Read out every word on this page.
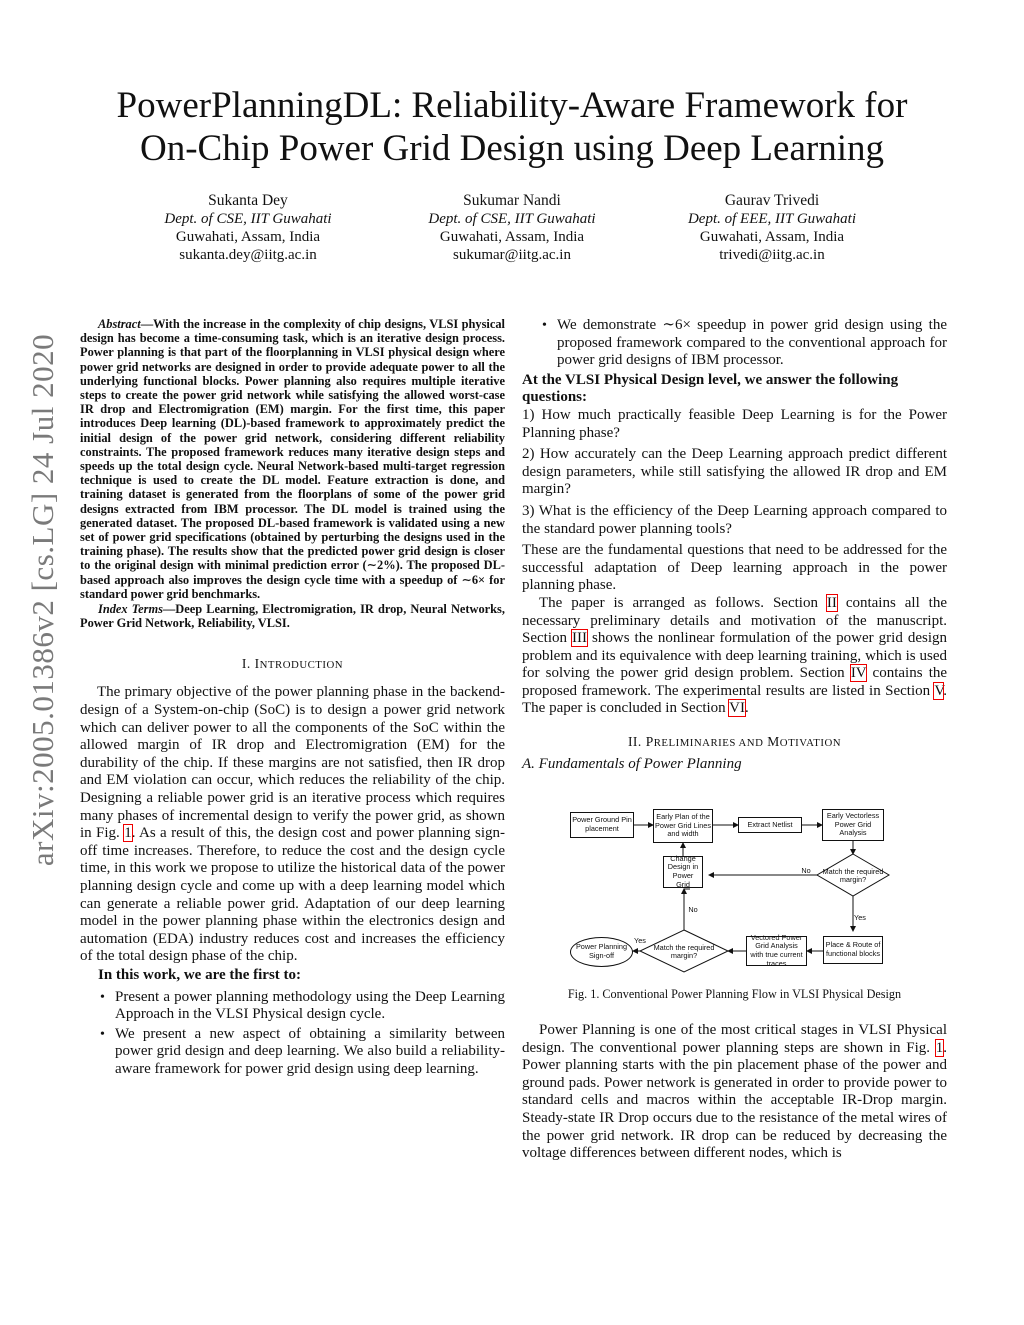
arXiv:2005.01386v2 [cs.LG] 24 Jul 2020
PowerPlanningDL: Reliability-Aware Framework for
On-Chip Power Grid Design using Deep Learning
Sukanta Dey
Dept. of CSE, IIT Guwahati
Guwahati, Assam, India
sukanta.dey@iitg.ac.in
Sukumar Nandi
Dept. of CSE, IIT Guwahati
Guwahati, Assam, India
sukumar@iitg.ac.in
Gaurav Trivedi
Dept. of EEE, IIT Guwahati
Guwahati, Assam, India
trivedi@iitg.ac.in

Abstract—With the increase in the complexity of chip designs, VLSI physical design has become a time-consuming task, which is an iterative design process. Power planning is that part of the floorplanning in VLSI physical design where power grid networks are designed in order to provide adequate power to all the underlying functional blocks. Power planning also requires multiple iterative steps to create the power grid network while satisfying the allowed worst-case IR drop and Electromigration (EM) margin. For the first time, this paper introduces Deep learning (DL)-based framework to approximately predict the initial design of the power grid network, considering different reliability constraints. The proposed framework reduces many iterative design steps and speeds up the total design cycle. Neural Network-based multi-target regression technique is used to create the DL model. Feature extraction is done, and training dataset is generated from the floorplans of some of the power grid designs extracted from IBM processor. The DL model is trained using the generated dataset. The proposed DL-based framework is validated using a new set of power grid specifications (obtained by perturbing the designs used in the training phase). The results show that the predicted power grid design is closer to the original design with minimal prediction error (∼2%). The proposed DL-based approach also improves the design cycle time with a speedup of ∼6× for standard power grid benchmarks.

Index Terms—Deep Learning, Electromigration, IR drop, Neural Networks, Power Grid Network, Reliability, VLSI.

I. INTRODUCTION

The primary objective of the power planning phase in the backend-design of a System-on-chip (SoC) is to design a power grid network which can deliver power to all the components of the SoC within the allowed margin of IR drop and Electromigration (EM) for the durability of the chip. If these margins are not satisfied, then IR drop and EM violation can occur, which reduces the reliability of the chip. Designing a reliable power grid is an iterative process which requires many phases of incremental design to verify the power grid, as shown in Fig. 1. As a result of this, the design cost and power planning sign-off time increases. Therefore, to reduce the cost and the design cycle time, in this work we propose to utilize the historical data of the power planning design cycle and come up with a deep learning model which can generate a reliable power grid. Adaptation of our deep learning model in the power planning phase within the electronics design and automation (EDA) industry reduces cost and increases the efficiency of the total design phase of the chip.

In this work, we are the first to:

• Present a power planning methodology using the Deep Learning Approach in the VLSI Physical design cycle.
• We present a new aspect of obtaining a similarity between power grid design and deep learning. We also build a reliability-aware framework for power grid design using deep learning.
• We demonstrate ∼6× speedup in power grid design using the proposed framework compared to the conventional approach for power grid designs of IBM processor.

At the VLSI Physical Design level, we answer the following questions:

1) How much practically feasible Deep Learning is for the Power Planning phase?

2) How accurately can the Deep Learning approach predict different design parameters, while still satisfying the allowed IR drop and EM margin?

3) What is the efficiency of the Deep Learning approach compared to the standard power planning tools?

These are the fundamental questions that need to be addressed for the successful adaptation of Deep learning approach in the power planning phase.

The paper is arranged as follows. Section II contains all the necessary preliminary details and motivation of the manuscript. Section III shows the nonlinear formulation of the power grid design problem and its equivalence with deep learning training, which is used for solving the power grid design problem. Section IV contains the proposed framework. The experimental results are listed in Section V. The paper is concluded in Section VI.

II. PRELIMINARIES AND MOTIVATION

A. Fundamentals of Power Planning

Power Ground Pin placement
Early Plan of the Power Grid Lines and width
Extract Netlist
Early Vectorless Power Grid Analysis
Change Design in Power Grid
Match the required margin?
No
Yes
No
Place & Route of functional blocks
Vectored Power Grid Analysis with true current traces
Match the required margin?
Yes
Power Planning Sign-off

Fig. 1. Conventional Power Planning Flow in VLSI Physical Design

Power Planning is one of the most critical stages in VLSI Physical design. The conventional power planning steps are shown in Fig. 1. Power planning starts with the pin placement phase of the power and ground pads. Power network is generated in order to provide power to standard cells and macros within the acceptable IR-Drop margin. Steady-state IR Drop occurs due to the resistance of the metal wires of the power grid network. IR drop can be reduced by decreasing the voltage differences between different nodes, which is
